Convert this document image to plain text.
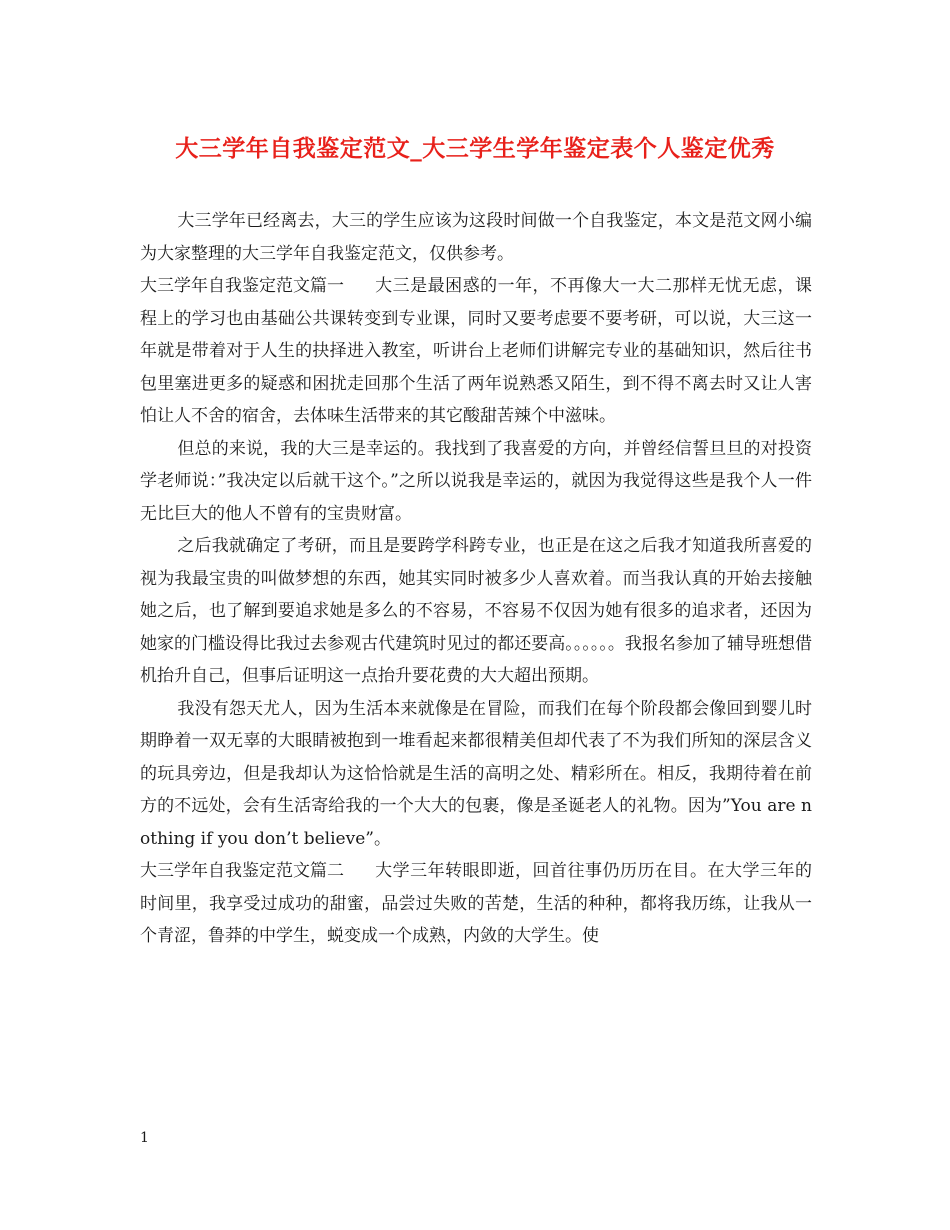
大三学年自我鉴定范文_大三学生学年鉴定表个人鉴定优秀

大三学年已经离去，大三的学生应该为这段时间做一个自我鉴定，本文是范文网小编为大家整理的大三学年自我鉴定范文，仅供参考。

大三学年自我鉴定范文篇一 大三是最困惑的一年，不再像大一大二那样无忧无虑，课程上的学习也由基础公共课转变到专业课，同时又要考虑要不要考研，可以说，大三这一年就是带着对于人生的抉择进入教室，听讲台上老师们讲解完专业的基础知识，然后往书包里塞进更多的疑惑和困扰走回那个生活了两年说熟悉又陌生，到不得不离去时又让人害怕让人不舍的宿舍，去体味生活带来的其它酸甜苦辣个中滋味。

但总的来说，我的大三是幸运的。我找到了我喜爱的方向，并曾经信誓旦旦的对投资学老师说：”我决定以后就干这个。”之所以说我是幸运的，就因为我觉得这些是我个人一件无比巨大的他人不曾有的宝贵财富。

之后我就确定了考研，而且是要跨学科跨专业，也正是在这之后我才知道我所喜爱的视为我最宝贵的叫做梦想的东西，她其实同时被多少人喜欢着。而当我认真的开始去接触她之后，也了解到要追求她是多么的不容易，不容易不仅因为她有很多的追求者，还因为她家的门槛设得比我过去参观古代建筑时见过的都还要高。。。。。。我报名参加了辅导班想借机抬升自己，但事后证明这一点抬升要花费的大大超出预期。

我没有怨天尤人，因为生活本来就像是在冒险，而我们在每个阶段都会像回到婴儿时期睁着一双无辜的大眼睛被抱到一堆看起来都很精美但却代表了不为我们所知的深层含义的玩具旁边，但是我却认为这恰恰就是生活的高明之处、精彩所在。相反，我期待着在前方的不远处，会有生活寄给我的一个大大的包裹，像是圣诞老人的礼物。因为”You are nothing if you don’t believe”。

大三学年自我鉴定范文篇二 大学三年转眼即逝，回首往事仍历历在目。在大学三年的时间里，我享受过成功的甜蜜，品尝过失败的苦楚，生活的种种，都将我历练，让我从一个青涩，鲁莽的中学生，蜕变成一个成熟，内敛的大学生。使

1
